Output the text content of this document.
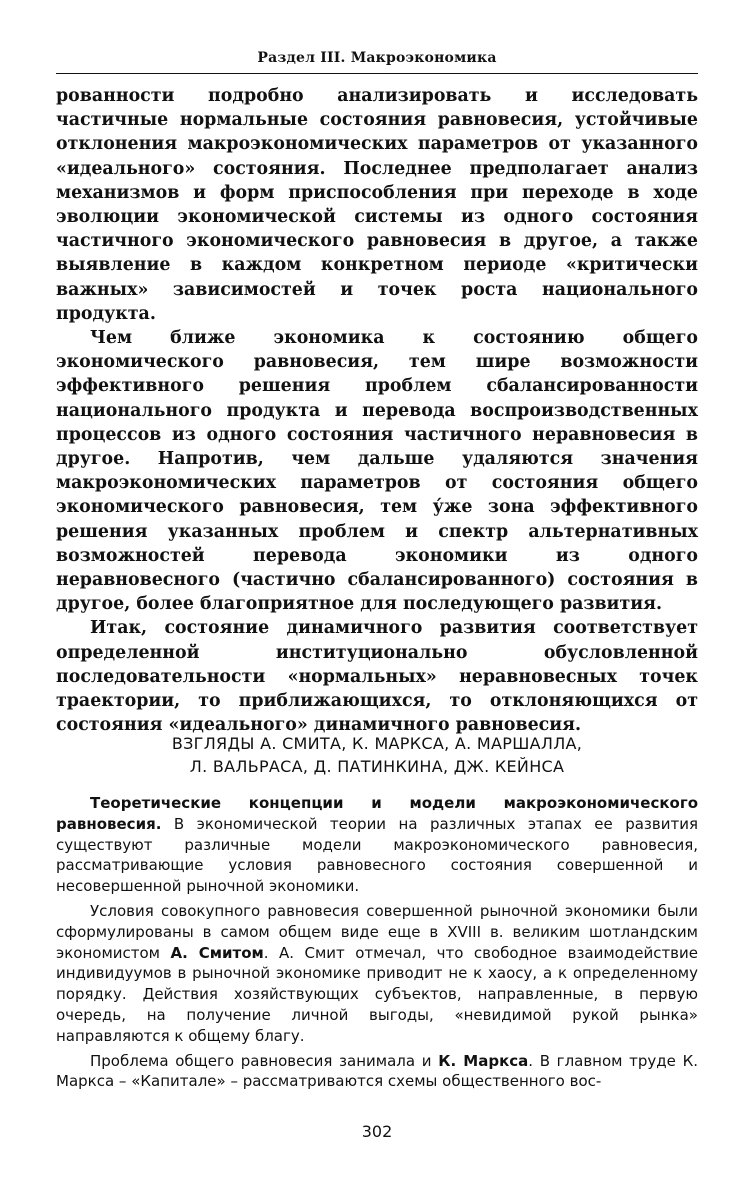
Раздел III. Макроэкономика

рованности подробно анализировать и исследовать частичные нормальные состояния равновесия, устойчивые отклонения макроэкономических параметров от указанного «идеального» состояния. Последнее предполагает анализ механизмов и форм приспособления при переходе в ходе эволюции экономической системы из одного состояния частичного экономического равновесия в другое, а также выявление в каждом конкретном периоде «критически важных» зависимостей и точек роста национального продукта.

Чем ближе экономика к состоянию общего экономического равновесия, тем шире возможности эффективного решения проблем сбалансированности национального продукта и перевода воспроизводственных процессов из одного состояния частичного неравновесия в другое. Напротив, чем дальше удаляются значения макроэкономических параметров от состояния общего экономического равновесия, тем у́же зона эффективного решения указанных проблем и спектр альтернативных возможностей перевода экономики из одного неравновесного (частично сбалансированного) состояния в другое, более благоприятное для последующего развития.

Итак, состояние динамичного развития соответствует определенной институционально обусловленной последовательности «нормальных» неравновесных точек траектории, то приближающихся, то отклоняющихся от состояния «идеального» динамичного равновесия.

ВЗГЛЯДЫ А. СМИТА, К. МАРКСА, А. МАРШАЛЛА,
Л. ВАЛЬРАСА, Д. ПАТИНКИНА, ДЖ. КЕЙНСА

Теоретические концепции и модели макроэкономического равновесия. В экономической теории на различных этапах ее развития существуют различные модели макроэкономического равновесия, рассматривающие условия равновесного состояния совершенной и несовершенной рыночной экономики.

Условия совокупного равновесия совершенной рыночной экономики были сформулированы в самом общем виде еще в XVIII в. великим шотландским экономистом А. Смитом. А. Смит отмечал, что свободное взаимодействие индивидуумов в рыночной экономике приводит не к хаосу, а к определенному порядку. Действия хозяйствующих субъектов, направленные, в первую очередь, на получение личной выгоды, «невидимой рукой рынка» направляются к общему благу.

Проблема общего равновесия занимала и К. Маркса. В главном труде К. Маркса – «Капитале» – рассматриваются схемы общественного вос-

302
